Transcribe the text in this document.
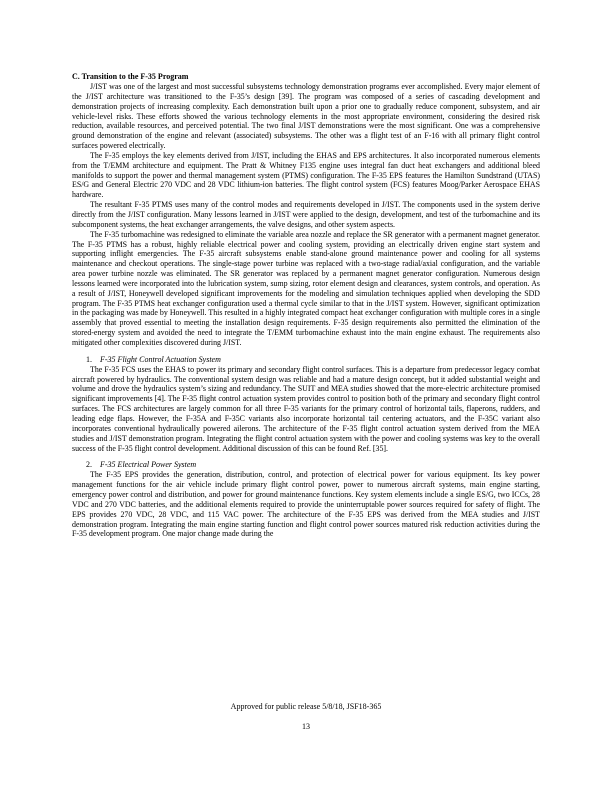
C. Transition to the F-35 Program

J/IST was one of the largest and most successful subsystems technology demonstration programs ever accomplished. Every major element of the J/IST architecture was transitioned to the F-35’s design [39]. The program was composed of a series of cascading development and demonstration projects of increasing complexity. Each demonstration built upon a prior one to gradually reduce component, subsystem, and air vehicle-level risks. These efforts showed the various technology elements in the most appropriate environment, considering the desired risk reduction, available resources, and perceived potential. The two final J/IST demonstrations were the most significant. One was a comprehensive ground demonstration of the engine and relevant (associated) subsystems. The other was a flight test of an F-16 with all primary flight control surfaces powered electrically.

The F-35 employs the key elements derived from J/IST, including the EHAS and EPS architectures. It also incorporated numerous elements from the T/EMM architecture and equipment. The Pratt & Whitney F135 engine uses integral fan duct heat exchangers and additional bleed manifolds to support the power and thermal management system (PTMS) configuration. The F-35 EPS features the Hamilton Sundstrand (UTAS) ES/G and General Electric 270 VDC and 28 VDC lithium-ion batteries. The flight control system (FCS) features Moog/Parker Aerospace EHAS hardware.

The resultant F-35 PTMS uses many of the control modes and requirements developed in J/IST. The components used in the system derive directly from the J/IST configuration. Many lessons learned in J/IST were applied to the design, development, and test of the turbomachine and its subcomponent systems, the heat exchanger arrangements, the valve designs, and other system aspects.

The F-35 turbomachine was redesigned to eliminate the variable area nozzle and replace the SR generator with a permanent magnet generator. The F-35 PTMS has a robust, highly reliable electrical power and cooling system, providing an electrically driven engine start system and supporting inflight emergencies. The F-35 aircraft subsystems enable stand-alone ground maintenance power and cooling for all systems maintenance and checkout operations. The single-stage power turbine was replaced with a two-stage radial/axial configuration, and the variable area power turbine nozzle was eliminated. The SR generator was replaced by a permanent magnet generator configuration. Numerous design lessons learned were incorporated into the lubrication system, sump sizing, rotor element design and clearances, system controls, and operation. As a result of J/IST, Honeywell developed significant improvements for the modeling and simulation techniques applied when developing the SDD program. The F-35 PTMS heat exchanger configuration used a thermal cycle similar to that in the J/IST system. However, significant optimization in the packaging was made by Honeywell. This resulted in a highly integrated compact heat exchanger configuration with multiple cores in a single assembly that proved essential to meeting the installation design requirements. F-35 design requirements also permitted the elimination of the stored-energy system and avoided the need to integrate the T/EMM turbomachine exhaust into the main engine exhaust. The requirements also mitigated other complexities discovered during J/IST.

1. F-35 Flight Control Actuation System

The F-35 FCS uses the EHAS to power its primary and secondary flight control surfaces. This is a departure from predecessor legacy combat aircraft powered by hydraulics. The conventional system design was reliable and had a mature design concept, but it added substantial weight and volume and drove the hydraulics system’s sizing and redundancy. The SUIT and MEA studies showed that the more-electric architecture promised significant improvements [4]. The F-35 flight control actuation system provides control to position both of the primary and secondary flight control surfaces. The FCS architectures are largely common for all three F-35 variants for the primary control of horizontal tails, flaperons, rudders, and leading edge flaps. However, the F-35A and F-35C variants also incorporate horizontal tail centering actuators, and the F-35C variant also incorporates conventional hydraulically powered ailerons. The architecture of the F-35 flight control actuation system derived from the MEA studies and J/IST demonstration program. Integrating the flight control actuation system with the power and cooling systems was key to the overall success of the F-35 flight control development. Additional discussion of this can be found Ref. [35].

2. F-35 Electrical Power System

The F-35 EPS provides the generation, distribution, control, and protection of electrical power for various equipment. Its key power management functions for the air vehicle include primary flight control power, power to numerous aircraft systems, main engine starting, emergency power control and distribution, and power for ground maintenance functions. Key system elements include a single ES/G, two ICCs, 28 VDC and 270 VDC batteries, and the additional elements required to provide the uninterruptable power sources required for safety of flight. The EPS provides 270 VDC, 28 VDC, and 115 VAC power. The architecture of the F-35 EPS was derived from the MEA studies and J/IST demonstration program. Integrating the main engine starting function and flight control power sources matured risk reduction activities during the F-35 development program. One major change made during the

Approved for public release 5/8/18, JSF18-365
13
